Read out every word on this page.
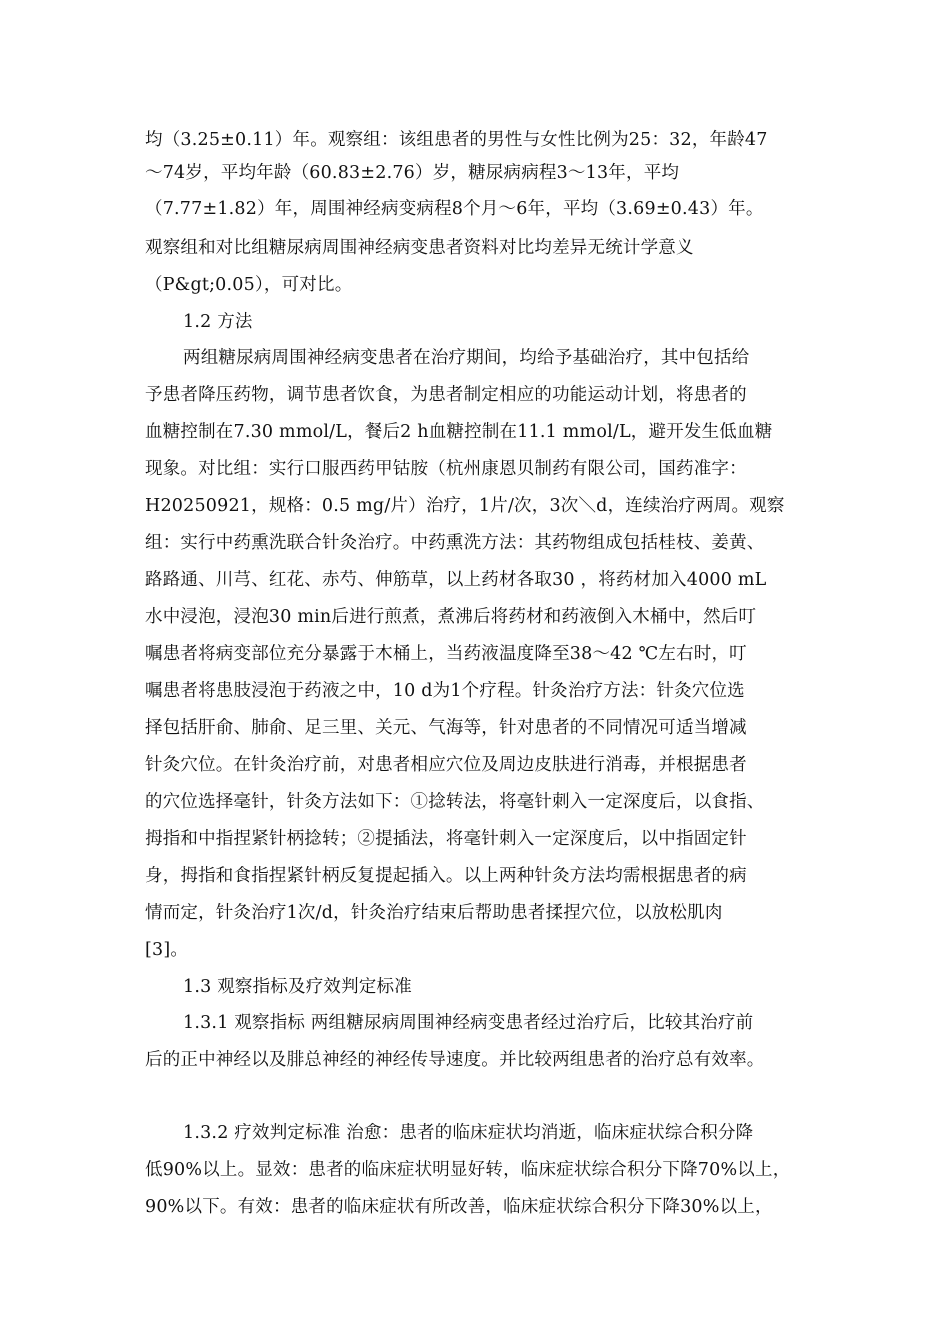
均（3.25±0.11）年。观察组：该组患者的男性与女性比例为25：32，年龄47
～74岁，平均年龄（60.83±2.76）岁，糖尿病病程3～13年，平均
（7.77±1.82）年，周围神经病变病程8个月～6年，平均（3.69±0.43）年。
观察组和对比组糖尿病周围神经病变患者资料对比均差异无统计学意义
（P&gt;0.05），可对比。
1.2 方法
两组糖尿病周围神经病变患者在治疗期间，均给予基础治疗，其中包括给
予患者降压药物，调节患者饮食，为患者制定相应的功能运动计划，将患者的
血糖控制在7.30 mmol/L，餐后2 h血糖控制在11.1 mmol/L，避开发生低血糖
现象。对比组：实行口服西药甲钴胺（杭州康恩贝制药有限公司，国药准字：
H20250921，规格：0.5 mg/片）治疗，1片/次，3次＼d，连续治疗两周。观察
组：实行中药熏洗联合针灸治疗。中药熏洗方法：其药物组成包括桂枝、姜黄、
路路通、川芎、红花、赤芍、伸筋草，以上药材各取30 ，将药材加入4000 mL
水中浸泡，浸泡30 min后进行煎煮，煮沸后将药材和药液倒入木桶中，然后叮
嘱患者将病变部位充分暴露于木桶上，当药液温度降至38～42 ℃左右时，叮
嘱患者将患肢浸泡于药液之中，10 d为1个疗程。针灸治疗方法：针灸穴位选
择包括肝俞、肺俞、足三里、关元、气海等，针对患者的不同情况可适当增减
针灸穴位。在针灸治疗前，对患者相应穴位及周边皮肤进行消毒，并根据患者
的穴位选择毫针，针灸方法如下：①捻转法，将毫针刺入一定深度后，以食指、
拇指和中指捏紧针柄捻转；②提插法，将毫针刺入一定深度后，以中指固定针
身，拇指和食指捏紧针柄反复提起插入。以上两种针灸方法均需根据患者的病
情而定，针灸治疗1次/d，针灸治疗结束后帮助患者揉捏穴位，以放松肌肉
[3]。
1.3 观察指标及疗效判定标准
1.3.1 观察指标 两组糖尿病周围神经病变患者经过治疗后，比较其治疗前
后的正中神经以及腓总神经的神经传导速度。并比较两组患者的治疗总有效率。
1.3.2 疗效判定标准 治愈：患者的临床症状均消逝，临床症状综合积分降
低90%以上。显效：患者的临床症状明显好转，临床症状综合积分下降70%以上，
90%以下。有效：患者的临床症状有所改善，临床症状综合积分下降30%以上，
